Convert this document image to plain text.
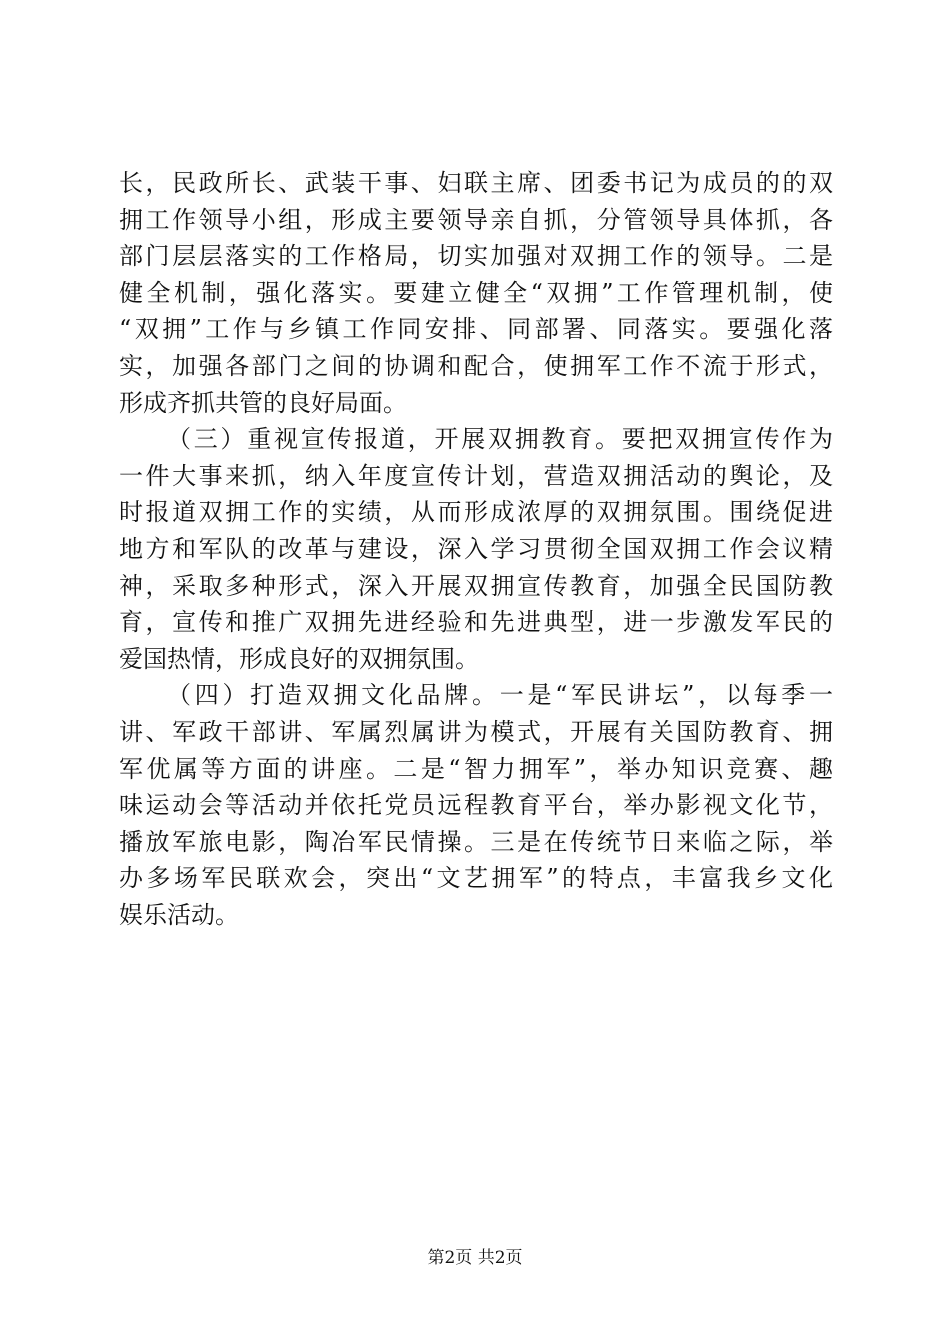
长，民政所长、武装干事、妇联主席、团委书记为成员的的双
拥工作领导小组，形成主要领导亲自抓，分管领导具体抓，各
部门层层落实的工作格局，切实加强对双拥工作的领导。二是
健全机制，强化落实。要建立健全“双拥”工作管理机制，使
“双拥”工作与乡镇工作同安排、同部署、同落实。要强化落
实，加强各部门之间的协调和配合，使拥军工作不流于形式，
形成齐抓共管的良好局面。
（三）重视宣传报道，开展双拥教育。要把双拥宣传作为
一件大事来抓，纳入年度宣传计划，营造双拥活动的舆论，及
时报道双拥工作的实绩，从而形成浓厚的双拥氛围。围绕促进
地方和军队的改革与建设，深入学习贯彻全国双拥工作会议精
神，采取多种形式，深入开展双拥宣传教育，加强全民国防教
育，宣传和推广双拥先进经验和先进典型，进一步激发军民的
爱国热情，形成良好的双拥氛围。
（四）打造双拥文化品牌。一是“军民讲坛”，以每季一
讲、军政干部讲、军属烈属讲为模式，开展有关国防教育、拥
军优属等方面的讲座。二是“智力拥军”，举办知识竞赛、趣
味运动会等活动并依托党员远程教育平台，举办影视文化节，
播放军旅电影，陶冶军民情操。三是在传统节日来临之际，举
办多场军民联欢会，突出“文艺拥军”的特点，丰富我乡文化
娱乐活动。
第2页 共2页
